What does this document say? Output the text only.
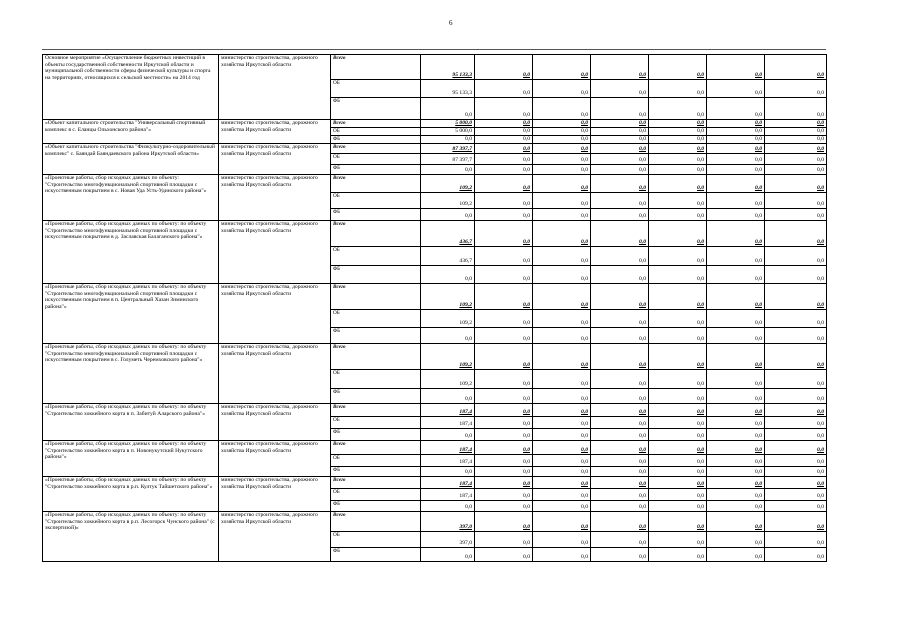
6
Основное мероприятие «Осуществление бюджетных инвестиций в объекты государственной собственности Иркутской области и муниципальной собственности сферы физической культуры и спорта на территориях, относящихся к сельской местности» на 2014 год	министерство строительства, дорожного хозяйства Иркутской области	Всего	95 133,3	0,0	0,0	0,0	0,0	0,0	0,0
		ОБ	95 133,3	0,0	0,0	0,0	0,0	0,0	0,0
		ФБ	0,0	0,0	0,0	0,0	0,0	0,0	0,0
«Объект капитального строительства "Универсальный спортивный комплекс в с. Еланцы Ольхонского района"»	министерство строительства, дорожного хозяйства Иркутской области	Всего	5 000,0	0,0	0,0	0,0	0,0	0,0	0,0
		ОБ	5 000,0	0,0	0,0	0,0	0,0	0,0	0,0
		ФБ	0,0	0,0	0,0	0,0	0,0	0,0	0,0
«Объект капитального строительства "Физкультурно-оздоровительный комплекс" с. Баяндай Баяндаевского района Иркутской области»	министерство строительства, дорожного хозяйства Иркутской области	Всего	87 397,7	0,0	0,0	0,0	0,0	0,0	0,0
		ОБ	87 397,7	0,0	0,0	0,0	0,0	0,0	0,0
		ФБ	0,0	0,0	0,0	0,0	0,0	0,0	0,0
«Проектные работы, сбор исходных данных по объекту: "Строительство многофункциональной спортивной площадки с искусственным покрытием в с. Новая Уда Усть-Удинского района"»	министерство строительства, дорожного хозяйства Иркутской области	Всего	109,2	0,0	0,0	0,0	0,0	0,0	0,0
		ОБ	109,2	0,0	0,0	0,0	0,0	0,0	0,0
		ФБ	0,0	0,0	0,0	0,0	0,0	0,0	0,0
«Проектные работы, сбор исходных данных по объекту: по объекту "Строительство многофункциональной спортивной площадки с искусственным покрытием в д. Заславская Балаганского района"»	министерство строительства, дорожного хозяйства Иркутской области	Всего	436,7	0,0	0,0	0,0	0,0	0,0	0,0
		ОБ	436,7	0,0	0,0	0,0	0,0	0,0	0,0
		ФБ	0,0	0,0	0,0	0,0	0,0	0,0	0,0
«Проектные работы, сбор исходных данных по объекту: по объекту "Строительство многофункциональной спортивной площадки с искусственным покрытием в п. Центральный Хазан Зиминского района"»	министерство строительства, дорожного хозяйства Иркутской области	Всего	109,2	0,0	0,0	0,0	0,0	0,0	0,0
		ОБ	109,2	0,0	0,0	0,0	0,0	0,0	0,0
		ФБ	0,0	0,0	0,0	0,0	0,0	0,0	0,0
«Проектные работы, сбор исходных данных по объекту: по объекту "Строительство многофункциональной спортивной площадки с искусственным покрытием в с. Голуметь Черемховского района"»	министерство строительства, дорожного хозяйства Иркутской области	Всего	109,2	0,0	0,0	0,0	0,0	0,0	0,0
		ОБ	109,2	0,0	0,0	0,0	0,0	0,0	0,0
		ФБ	0,0	0,0	0,0	0,0	0,0	0,0	0,0
«Проектные работы, сбор исходных данных по объекту: по объекту "Строительство хоккейного корта в п. Забитуй Аларского района"»	министерство строительства, дорожного хозяйства Иркутской области	Всего	187,4	0,0	0,0	0,0	0,0	0,0	0,0
		ОБ	187,4	0,0	0,0	0,0	0,0	0,0	0,0
		ФБ	0,0	0,0	0,0	0,0	0,0	0,0	0,0
«Проектные работы, сбор исходных данных по объекту: по объекту "Строительство хоккейного корта в п. Новонукутский Нукутского района"»	министерство строительства, дорожного хозяйства Иркутской области	Всего	187,4	0,0	0,0	0,0	0,0	0,0	0,0
		ОБ	187,4	0,0	0,0	0,0	0,0	0,0	0,0
		ФБ	0,0	0,0	0,0	0,0	0,0	0,0	0,0
«Проектные работы, сбор исходных данных по объекту: по объекту "Строительство хоккейного корта в р.п. Култук Тайшетского района"»	министерство строительства, дорожного хозяйства Иркутской области	Всего	187,4	0,0	0,0	0,0	0,0	0,0	0,0
		ОБ	187,4	0,0	0,0	0,0	0,0	0,0	0,0
		ФБ	0,0	0,0	0,0	0,0	0,0	0,0	0,0
«Проектные работы, сбор исходных данных по объекту: по объекту "Строительство хоккейного корта в р.п. Лесогорск Чунского района" (с экспертизой)»	министерство строительства, дорожного хозяйства Иркутской области	Всего	397,0	0,0	0,0	0,0	0,0	0,0	0,0
		ОБ	397,0	0,0	0,0	0,0	0,0	0,0	0,0
		ФБ	0,0	0,0	0,0	0,0	0,0	0,0	0,0
